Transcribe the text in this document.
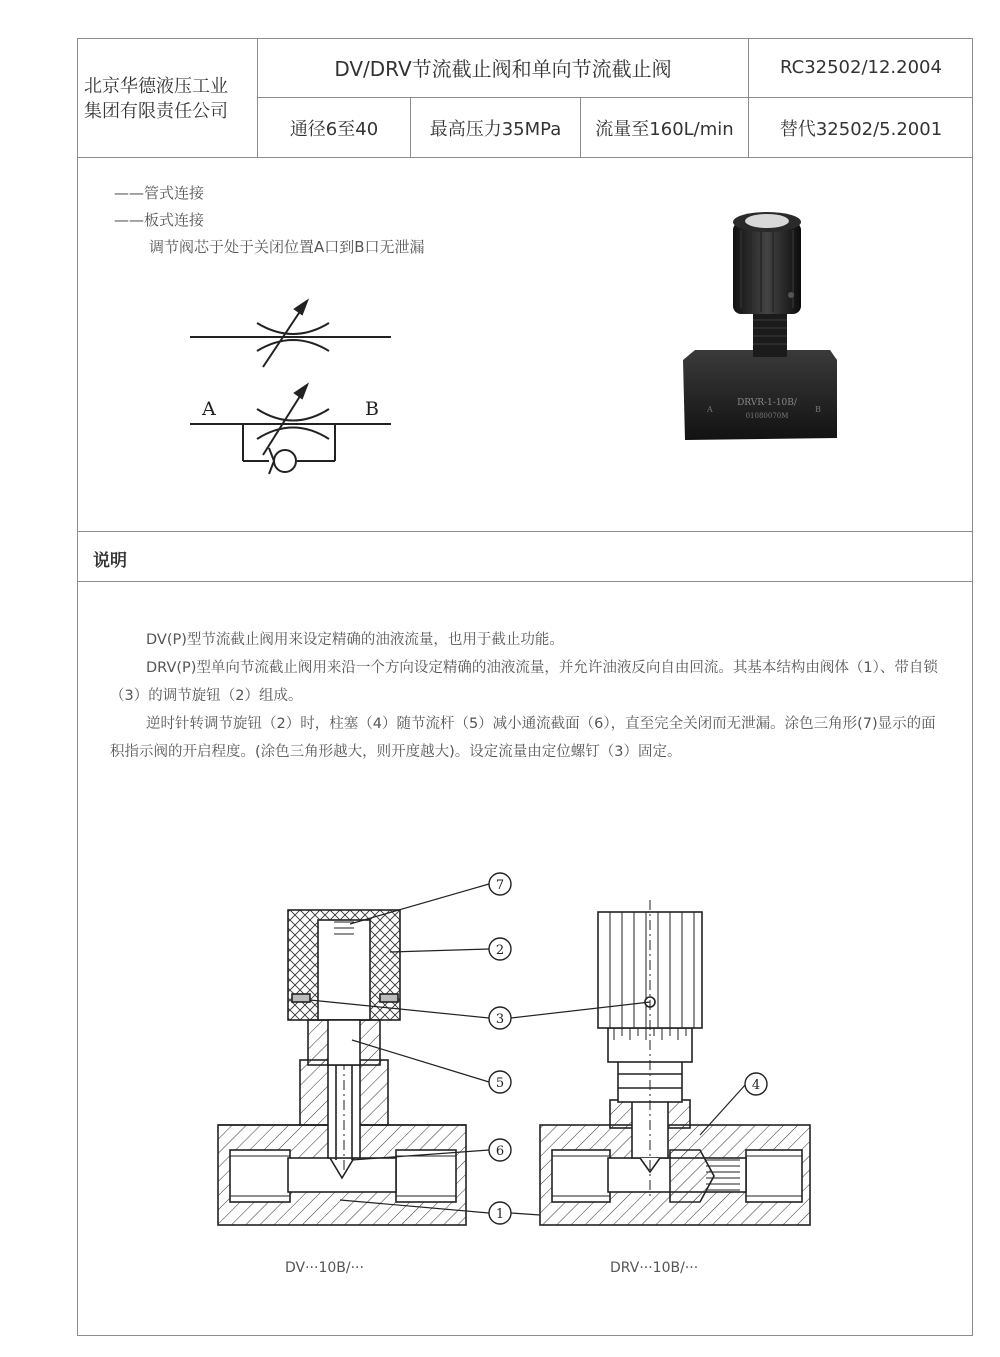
北京华德液压工业
集团有限责任公司
DV/DRV节流截止阀和单向节流截止阀	RC32502/12.2004
通径6至40	最高压力35MPa	流量至160L/min	替代32502/5.2001
——管式连接
——板式连接
调节阀芯于处于关闭位置A口到B口无泄漏
A	B	DRVR-1-10B/
01080070M
A	B
说明

DV(P)型节流截止阀用来设定精确的油液流量，也用于截止功能。

DRV(P)型单向节流截止阀用来沿一个方向设定精确的油液流量，并允许油液反向自由回流。其基本结构由阀体（1）、带自锁（3）的调节旋钮（2）组成。

逆时针转调节旋钮（2）时，柱塞（4）随节流杆（5）减小通流截面（6），直至完全关闭而无泄漏。涂色三角形(7)显示的面积指示阀的开启程度。(涂色三角形越大，则开度越大)。设定流量由定位螺钉（3）固定。

7
2
3
5
6
1
4
DV···10B/···	DRV···10B/···
